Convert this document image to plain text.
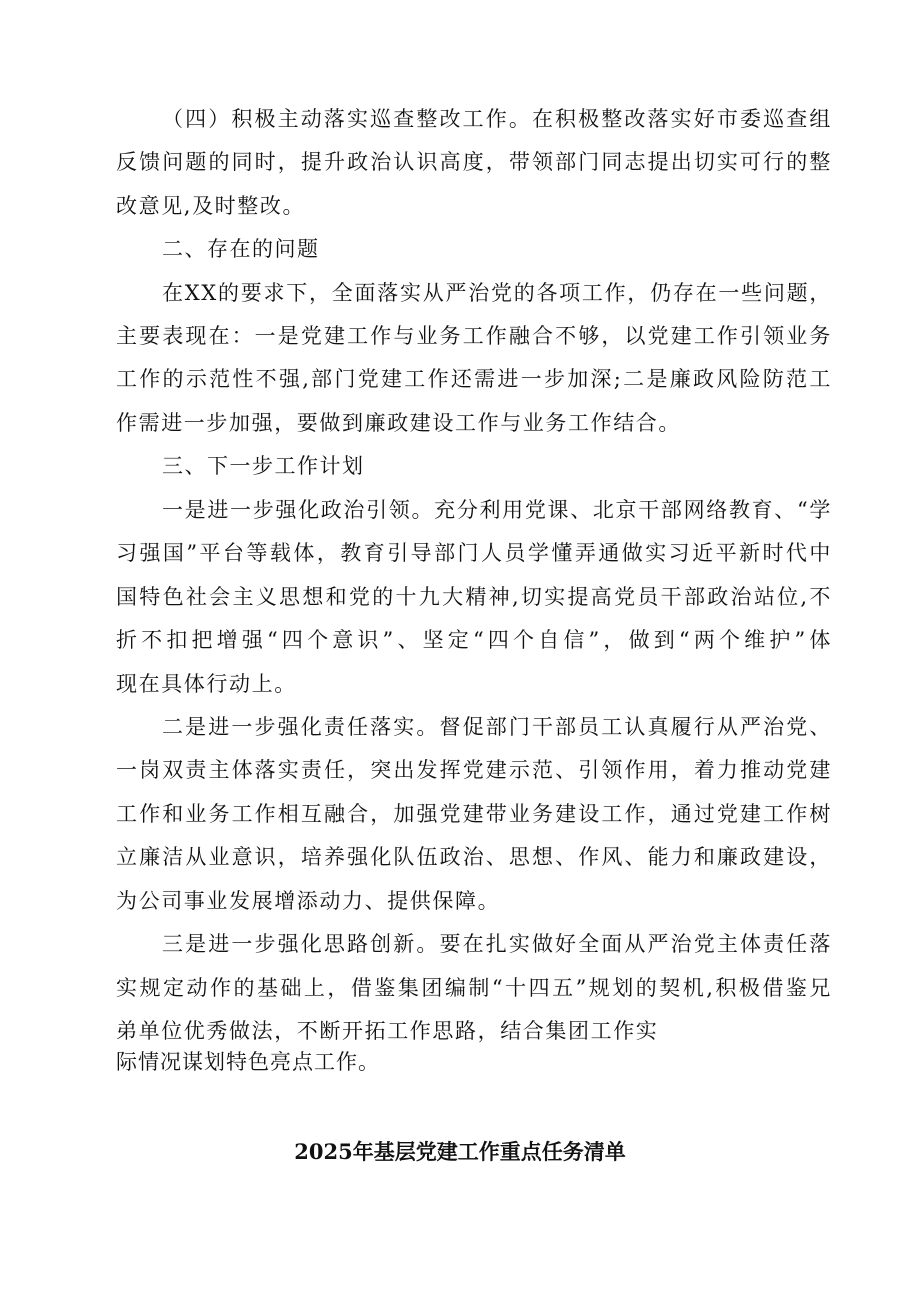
（四）积极主动落实巡查整改工作。在积极整改落实好市委巡查组
反馈问题的同时，提升政治认识高度，带领部门同志提出切实可行的整
改意见,及时整改。
二、存在的问题
在XX的要求下，全面落实从严治党的各项工作，仍存在一些问题，
主要表现在：一是党建工作与业务工作融合不够，以党建工作引领业务
工作的示范性不强,部门党建工作还需进一步加深;二是廉政风险防范工
作需进一步加强，要做到廉政建设工作与业务工作结合。
三、下一步工作计划
一是进一步强化政治引领。充分利用党课、北京干部网络教育、“学
习强国”平台等载体，教育引导部门人员学懂弄通做实习近平新时代中
国特色社会主义思想和党的十九大精神,切实提高党员干部政治站位,不
折不扣把增强“四个意识”、坚定“四个自信”，做到“两个维护”体
现在具体行动上。
二是进一步强化责任落实。督促部门干部员工认真履行从严治党、
一岗双责主体落实责任，突出发挥党建示范、引领作用，着力推动党建
工作和业务工作相互融合，加强党建带业务建设工作，通过党建工作树
立廉洁从业意识，培养强化队伍政治、思想、作风、能力和廉政建设，
为公司事业发展增添动力、提供保障。
三是进一步强化思路创新。要在扎实做好全面从严治党主体责任落
实规定动作的基础上，借鉴集团编制“十四五”规划的契机,积极借鉴兄
弟单位优秀做法，不断开拓工作思路，结合集团工作实
际情况谋划特色亮点工作。
2025年基层党建工作重点任务清单
